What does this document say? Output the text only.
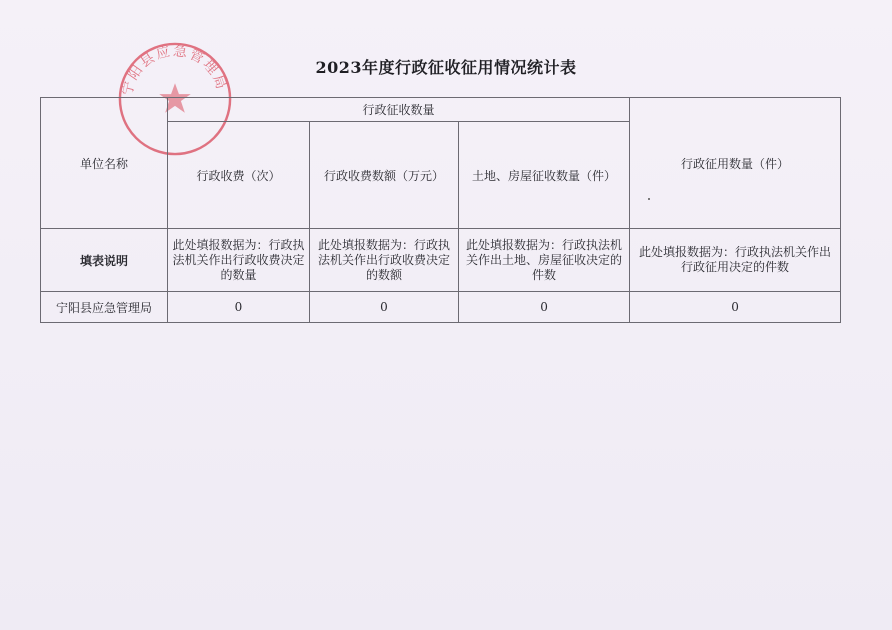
2023年度行政征收征用情况统计表
宁阳县应急管理局
单位名称	行政征收数量			行政征用数量（件）
	行政收费（次）	行政收费数额（万元）	土地、房屋征收数量（件）	
填表说明	此处填报数据为：行政执法机关作出行政收费决定的数量	此处填报数据为：行政执法机关作出行政收费决定的数额	此处填报数据为：行政执法机关作出土地、房屋征收决定的件数	此处填报数据为：行政执法机关作出行政征用决定的件数
宁阳县应急管理局	0	0	0	0
